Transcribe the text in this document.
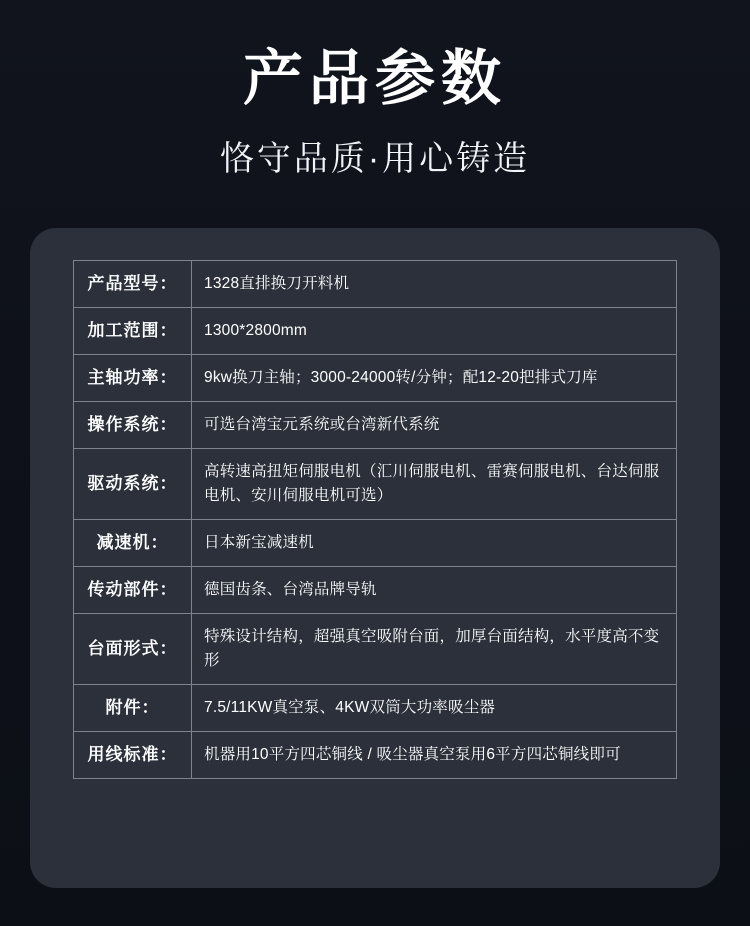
产品参数
恪守品质·用心铸造
产品型号：	1328直排换刀开料机
加工范围：	1300*2800mm
主轴功率：	9kw换刀主轴；3000-24000转/分钟；配12-20把排式刀库
操作系统：	可选台湾宝元系统或台湾新代系统
驱动系统：	高转速高扭矩伺服电机（汇川伺服电机、雷赛伺服电机、台达伺服电机、安川伺服电机可选）
减速机：	日本新宝减速机
传动部件：	德国齿条、台湾品牌导轨
台面形式：	特殊设计结构，超强真空吸附台面，加厚台面结构，水平度高不变形
附件：	7.5/11KW真空泵、4KW双筒大功率吸尘器
用线标准：	机器用10平方四芯铜线 / 吸尘器真空泵用6平方四芯铜线即可
